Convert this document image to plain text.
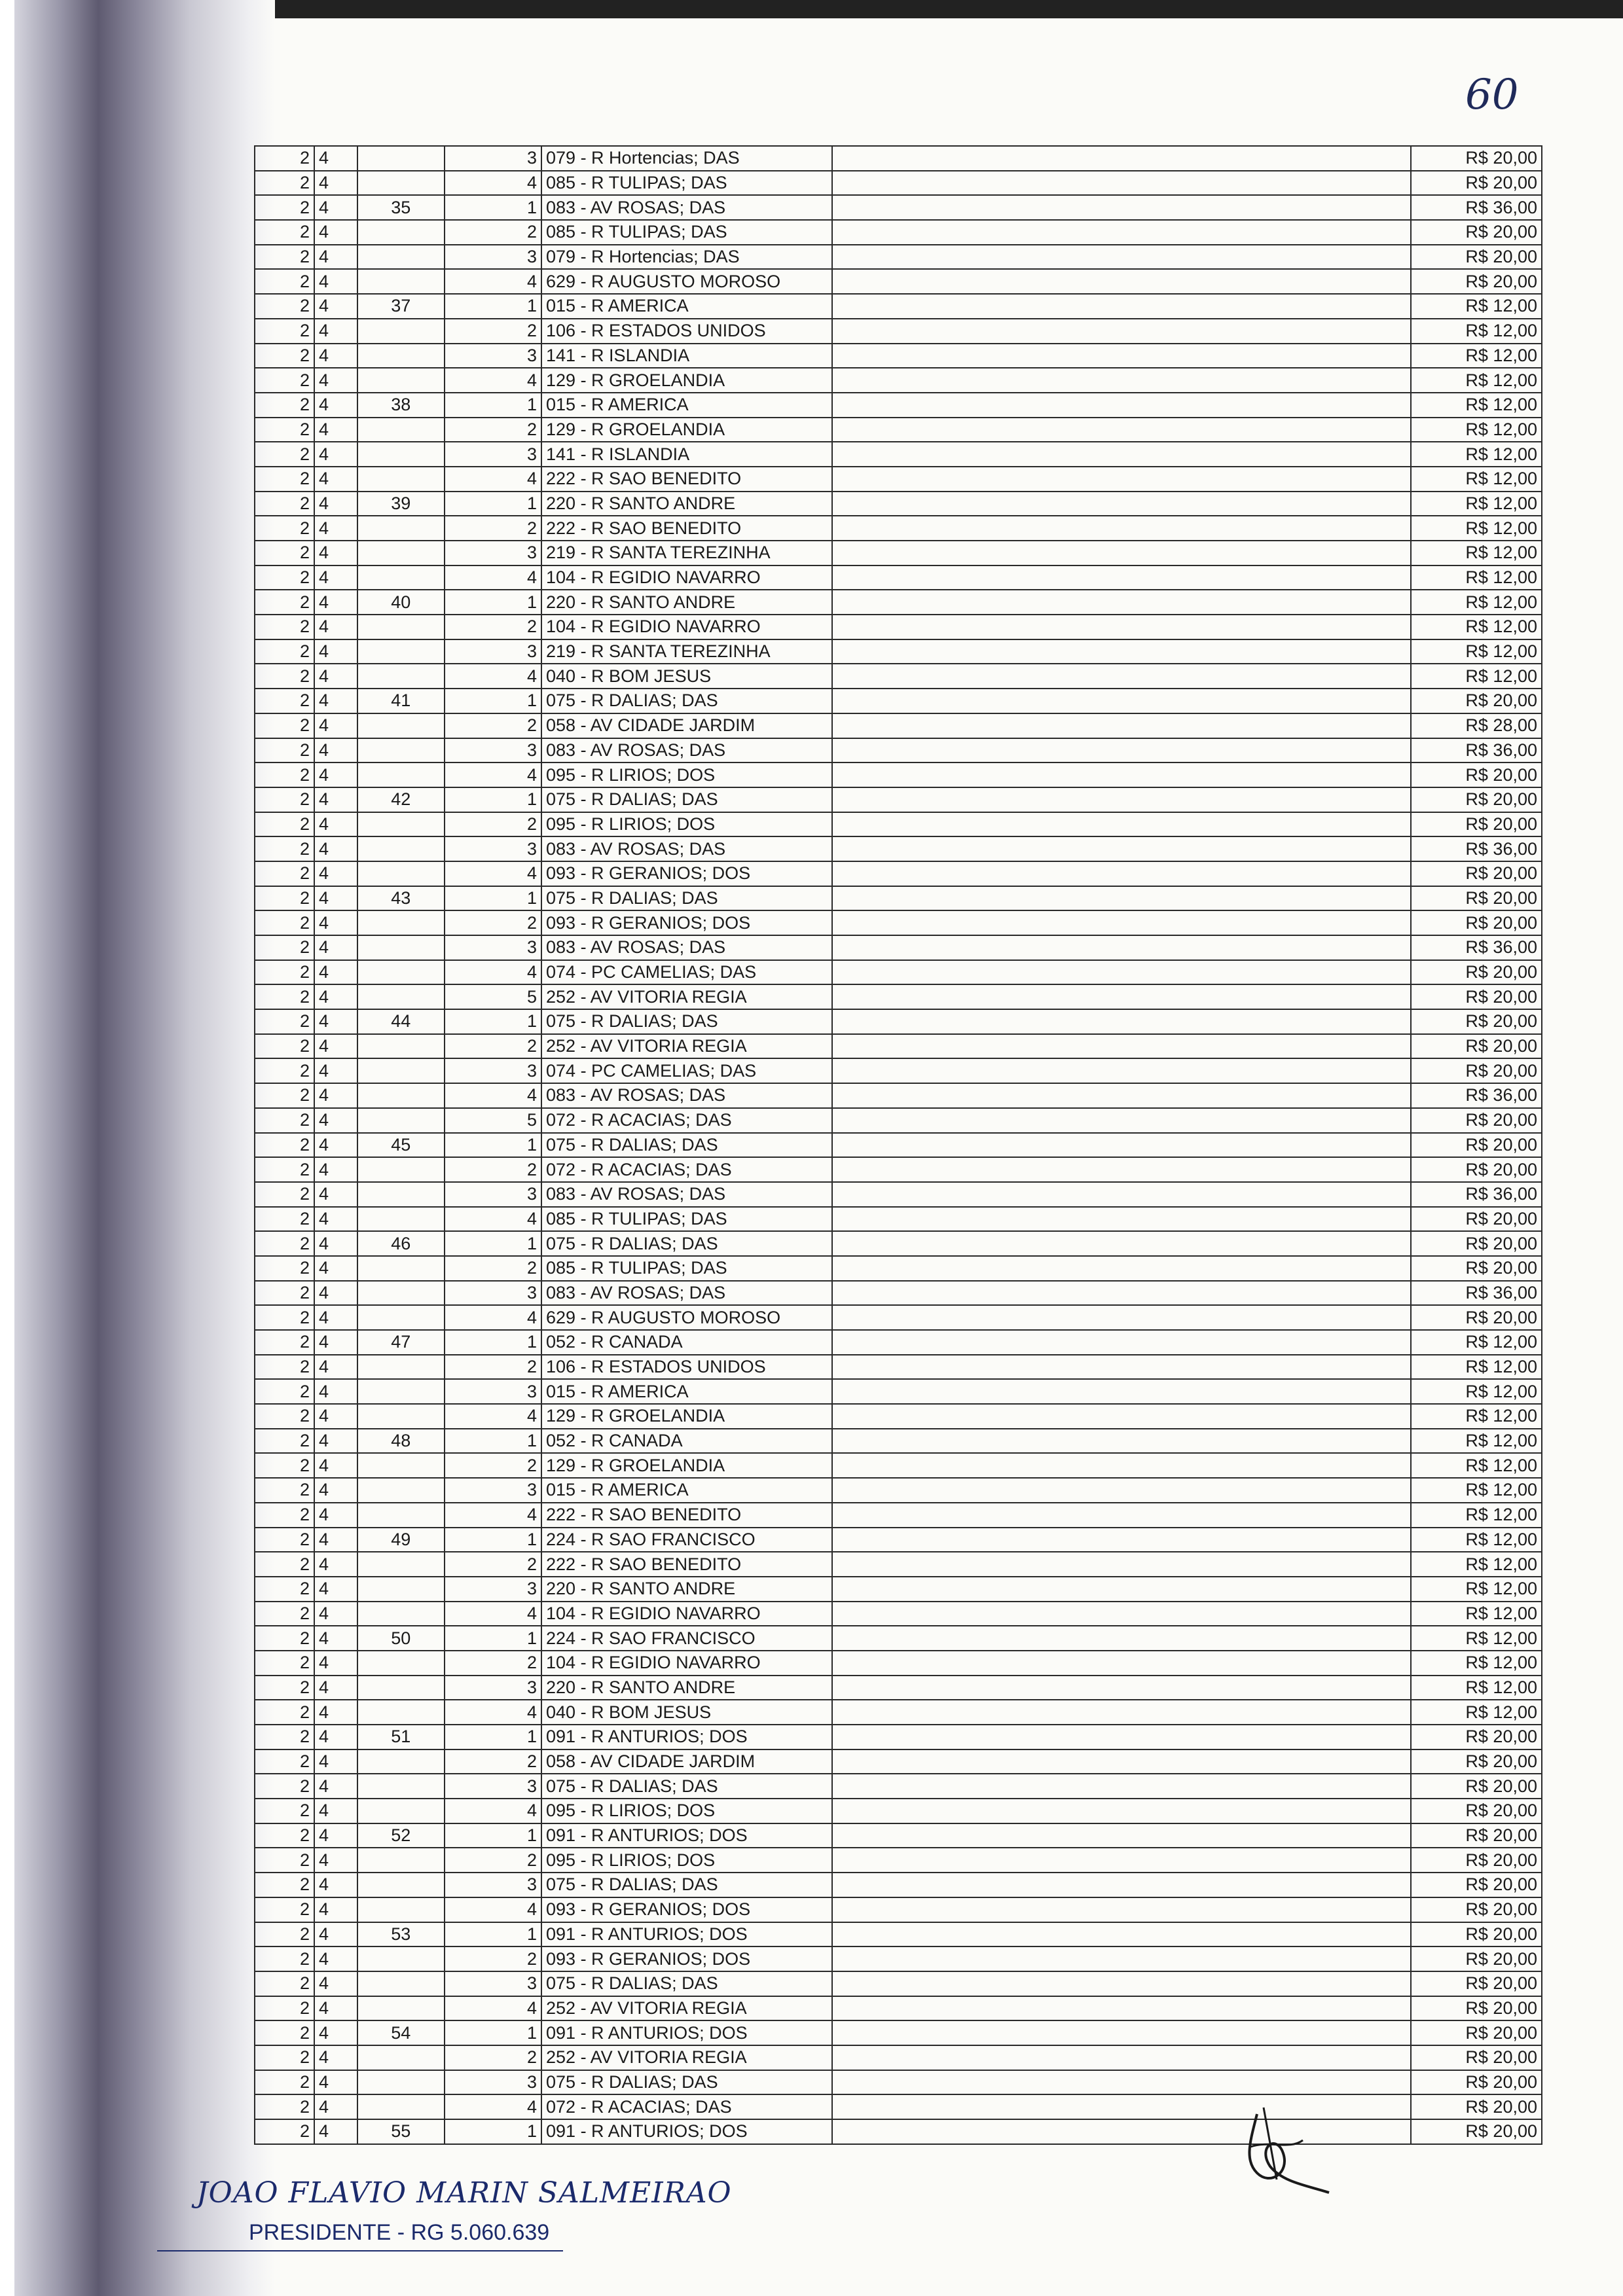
60
2	4		3	079 - R Hortencias; DAS		R$ 20,00
2	4		4	085 - R TULIPAS; DAS		R$ 20,00
2	4	35	1	083 - AV ROSAS; DAS		R$ 36,00
2	4		2	085 - R TULIPAS; DAS		R$ 20,00
2	4		3	079 - R Hortencias; DAS		R$ 20,00
2	4		4	629 - R AUGUSTO MOROSO		R$ 20,00
2	4	37	1	015 - R AMERICA		R$ 12,00
2	4		2	106 - R ESTADOS UNIDOS		R$ 12,00
2	4		3	141 - R ISLANDIA		R$ 12,00
2	4		4	129 - R GROELANDIA		R$ 12,00
2	4	38	1	015 - R AMERICA		R$ 12,00
2	4		2	129 - R GROELANDIA		R$ 12,00
2	4		3	141 - R ISLANDIA		R$ 12,00
2	4		4	222 - R SAO BENEDITO		R$ 12,00
2	4	39	1	220 - R SANTO ANDRE		R$ 12,00
2	4		2	222 - R SAO BENEDITO		R$ 12,00
2	4		3	219 - R SANTA TEREZINHA		R$ 12,00
2	4		4	104 - R EGIDIO NAVARRO		R$ 12,00
2	4	40	1	220 - R SANTO ANDRE		R$ 12,00
2	4		2	104 - R EGIDIO NAVARRO		R$ 12,00
2	4		3	219 - R SANTA TEREZINHA		R$ 12,00
2	4		4	040 - R BOM JESUS		R$ 12,00
2	4	41	1	075 - R DALIAS; DAS		R$ 20,00
2	4		2	058 - AV CIDADE JARDIM		R$ 28,00
2	4		3	083 - AV ROSAS; DAS		R$ 36,00
2	4		4	095 - R LIRIOS; DOS		R$ 20,00
2	4	42	1	075 - R DALIAS; DAS		R$ 20,00
2	4		2	095 - R LIRIOS; DOS		R$ 20,00
2	4		3	083 - AV ROSAS; DAS		R$ 36,00
2	4		4	093 - R GERANIOS; DOS		R$ 20,00
2	4	43	1	075 - R DALIAS; DAS		R$ 20,00
2	4		2	093 - R GERANIOS; DOS		R$ 20,00
2	4		3	083 - AV ROSAS; DAS		R$ 36,00
2	4		4	074 - PC CAMELIAS; DAS		R$ 20,00
2	4		5	252 - AV VITORIA REGIA		R$ 20,00
2	4	44	1	075 - R DALIAS; DAS		R$ 20,00
2	4		2	252 - AV VITORIA REGIA		R$ 20,00
2	4		3	074 - PC CAMELIAS; DAS		R$ 20,00
2	4		4	083 - AV ROSAS; DAS		R$ 36,00
2	4		5	072 - R ACACIAS; DAS		R$ 20,00
2	4	45	1	075 - R DALIAS; DAS		R$ 20,00
2	4		2	072 - R ACACIAS; DAS		R$ 20,00
2	4		3	083 - AV ROSAS; DAS		R$ 36,00
2	4		4	085 - R TULIPAS; DAS		R$ 20,00
2	4	46	1	075 - R DALIAS; DAS		R$ 20,00
2	4		2	085 - R TULIPAS; DAS		R$ 20,00
2	4		3	083 - AV ROSAS; DAS		R$ 36,00
2	4		4	629 - R AUGUSTO MOROSO		R$ 20,00
2	4	47	1	052 - R CANADA		R$ 12,00
2	4		2	106 - R ESTADOS UNIDOS		R$ 12,00
2	4		3	015 - R AMERICA		R$ 12,00
2	4		4	129 - R GROELANDIA		R$ 12,00
2	4	48	1	052 - R CANADA		R$ 12,00
2	4		2	129 - R GROELANDIA		R$ 12,00
2	4		3	015 - R AMERICA		R$ 12,00
2	4		4	222 - R SAO BENEDITO		R$ 12,00
2	4	49	1	224 - R SAO FRANCISCO		R$ 12,00
2	4		2	222 - R SAO BENEDITO		R$ 12,00
2	4		3	220 - R SANTO ANDRE		R$ 12,00
2	4		4	104 - R EGIDIO NAVARRO		R$ 12,00
2	4	50	1	224 - R SAO FRANCISCO		R$ 12,00
2	4		2	104 - R EGIDIO NAVARRO		R$ 12,00
2	4		3	220 - R SANTO ANDRE		R$ 12,00
2	4		4	040 - R BOM JESUS		R$ 12,00
2	4	51	1	091 - R ANTURIOS; DOS		R$ 20,00
2	4		2	058 - AV CIDADE JARDIM		R$ 20,00
2	4		3	075 - R DALIAS; DAS		R$ 20,00
2	4		4	095 - R LIRIOS; DOS		R$ 20,00
2	4	52	1	091 - R ANTURIOS; DOS		R$ 20,00
2	4		2	095 - R LIRIOS; DOS		R$ 20,00
2	4		3	075 - R DALIAS; DAS		R$ 20,00
2	4		4	093 - R GERANIOS; DOS		R$ 20,00
2	4	53	1	091 - R ANTURIOS; DOS		R$ 20,00
2	4		2	093 - R GERANIOS; DOS		R$ 20,00
2	4		3	075 - R DALIAS; DAS		R$ 20,00
2	4		4	252 - AV VITORIA REGIA		R$ 20,00
2	4	54	1	091 - R ANTURIOS; DOS		R$ 20,00
2	4		2	252 - AV VITORIA REGIA		R$ 20,00
2	4		3	075 - R DALIAS; DAS		R$ 20,00
2	4		4	072 - R ACACIAS; DAS		R$ 20,00
2	4	55	1	091 - R ANTURIOS; DOS		R$ 20,00
JOAO FLAVIO MARIN SALMEIRAO
PRESIDENTE - RG 5.060.639
